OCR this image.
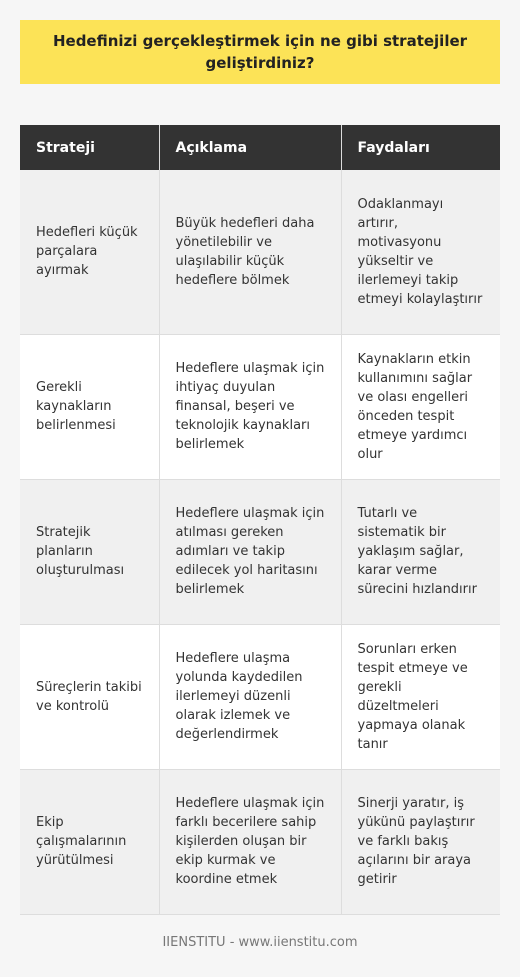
Hedefinizi gerçekleştirmek için ne gibi stratejiler geliştirdiniz?
Strateji	Açıklama	Faydaları
Hedefleri küçük parçalara ayırmak	Büyük hedefleri daha yönetilebilir ve ulaşılabilir küçük hedeflere bölmek	Odaklanmayı artırır, motivasyonu yükseltir ve ilerlemeyi takip etmeyi kolaylaştırır
Gerekli kaynakların belirlenmesi	Hedeflere ulaşmak için ihtiyaç duyulan finansal, beşeri ve teknolojik kaynakları belirlemek	Kaynakların etkin kullanımını sağlar ve olası engelleri önceden tespit etmeye yardımcı olur
Stratejik planların oluşturulması	Hedeflere ulaşmak için atılması gereken adımları ve takip edilecek yol haritasını belirlemek	Tutarlı ve sistematik bir yaklaşım sağlar, karar verme sürecini hızlandırır
Süreçlerin takibi ve kontrolü	Hedeflere ulaşma yolunda kaydedilen ilerlemeyi düzenli olarak izlemek ve değerlendirmek	Sorunları erken tespit etmeye ve gerekli düzeltmeleri yapmaya olanak tanır
Ekip çalışmalarının yürütülmesi	Hedeflere ulaşmak için farklı becerilere sahip kişilerden oluşan bir ekip kurmak ve koordine etmek	Sinerji yaratır, iş yükünü paylaştırır ve farklı bakış açılarını bir araya getirir
IIENSTITU - www.iienstitu.com
